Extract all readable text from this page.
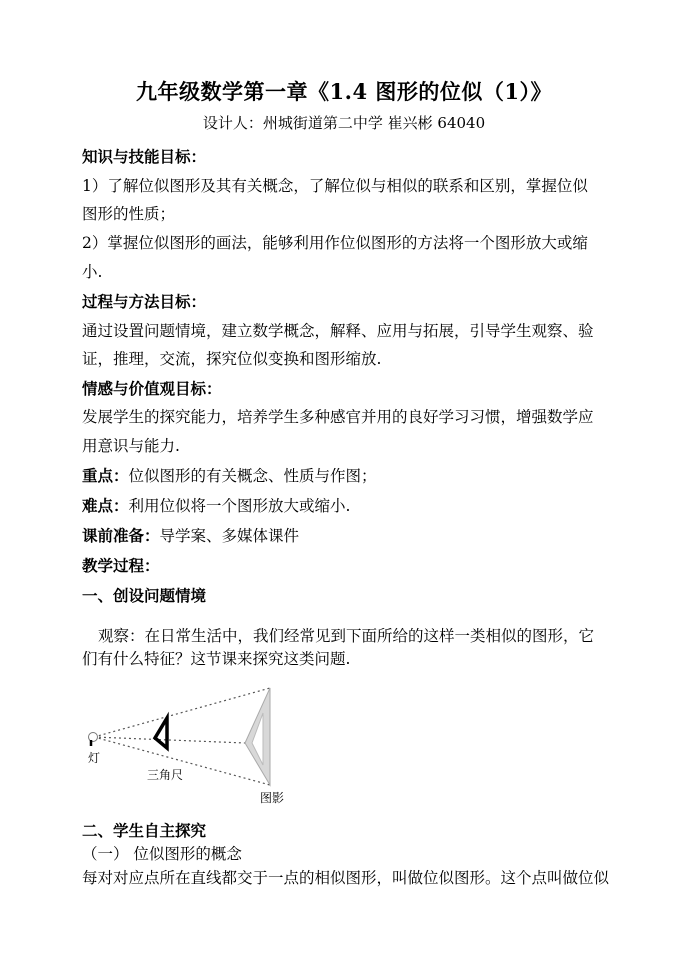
九年级数学第一章《1.4 图形的位似（1）》
设计人：州城街道第二中学 崔兴彬 64040
知识与技能目标：
1）了解位似图形及其有关概念，了解位似与相似的联系和区别，掌握位似
图形的性质；
2）掌握位似图形的画法，能够利用作位似图形的方法将一个图形放大或缩
小.
过程与方法目标：
通过设置问题情境，建立数学概念，解释、应用与拓展，引导学生观察、验
证，推理，交流，探究位似变换和图形缩放.
情感与价值观目标：
发展学生的探究能力，培养学生多种感官并用的良好学习习惯，增强数学应
用意识与能力.
重点：位似图形的有关概念、性质与作图；
难点：利用位似将一个图形放大或缩小.
课前准备：导学案、多媒体课件
教学过程：
一、创设问题情境
观察：在日常生活中，我们经常见到下面所给的这样一类相似的图形，它
们有什么特征？这节课来探究这类问题.
灯
三角尺
图影
二、学生自主探究
（一） 位似图形的概念
每对对应点所在直线都交于一点的相似图形，叫做位似图形。这个点叫做位似
